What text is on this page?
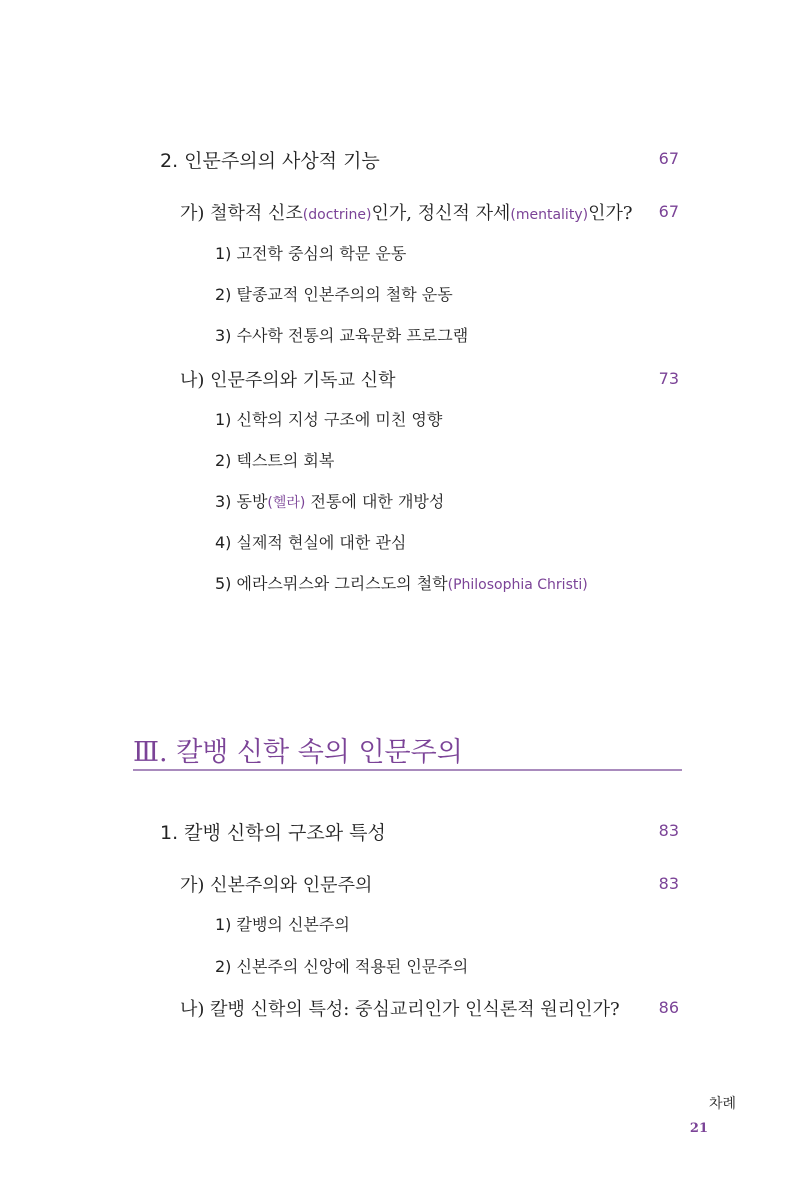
2. 인문주의의 사상적 기능	67
가) 철학적 신조(doctrine)인가, 정신적 자세(mentality)인가? 67
1) 고전학 중심의 학문 운동
2) 탈종교적 인본주의의 철학 운동
3) 수사학 전통의 교육문화 프로그램
나) 인문주의와 기독교 신학	73
1) 신학의 지성 구조에 미친 영향
2) 텍스트의 회복
3) 동방(헬라) 전통에 대한 개방성
4) 실제적 현실에 대한 관심
5) 에라스뮈스와 그리스도의 철학(Philosophia Christi)
Ⅲ. 칼뱅 신학 속의 인문주의
1. 칼뱅 신학의 구조와 특성	83
가) 신본주의와 인문주의	83
1) 칼뱅의 신본주의
2) 신본주의 신앙에 적용된 인문주의
나) 칼뱅 신학의 특성: 중심교리인가 인식론적 원리인가? 86
차례
21
